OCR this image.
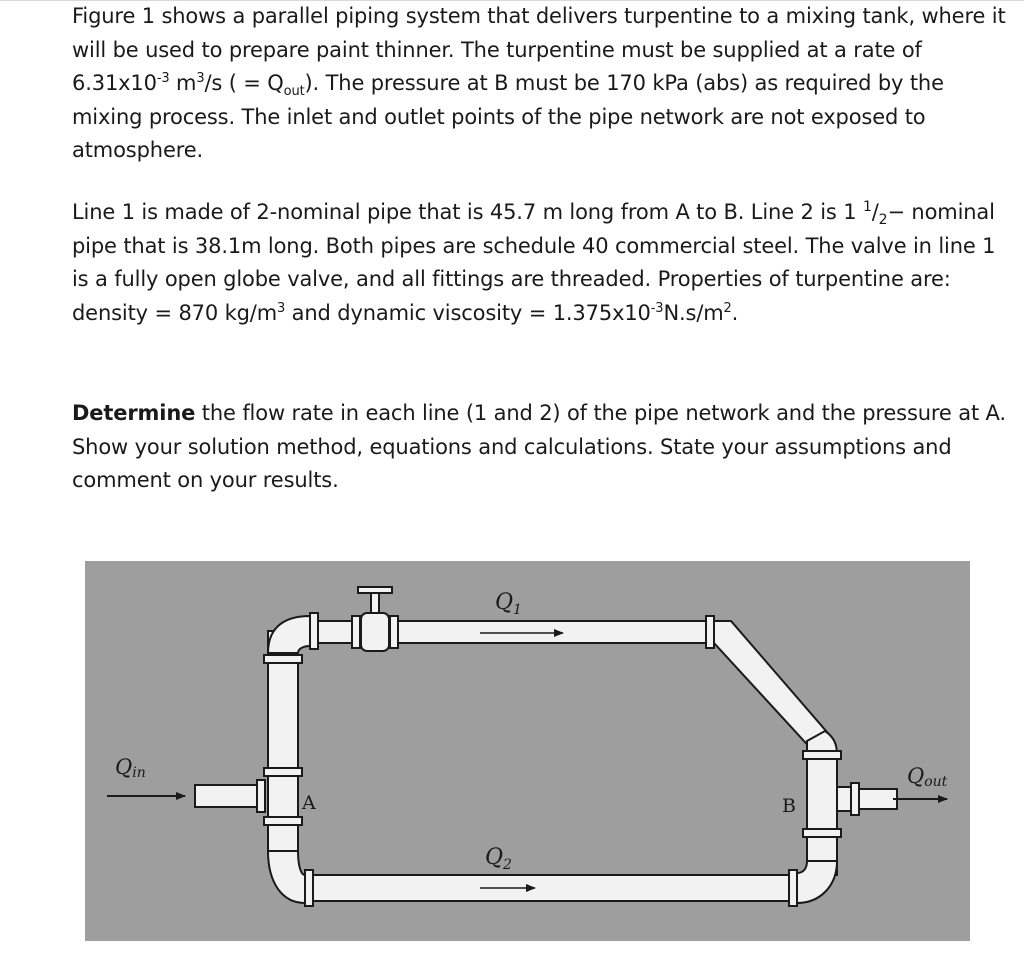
Figure 1 shows a parallel piping system that delivers turpentine to a mixing tank, where it will be used to prepare paint thinner. The turpentine must be supplied at a rate of $6.31x10^{-3}$ $m^3/s$ ( = $Q_{out}$). The pressure at B must be 170 kPa (abs) as required by the mixing process. The inlet and outlet points of the pipe network are not exposed to atmosphere.
Line 1 is made of 2-nominal pipe that is 45.7 m long from A to B. Line 2 is 1 $^1/_2-$ nominal pipe that is 38.1m long. Both pipes are schedule 40 commercial steel. The valve in line 1 is a fully open globe valve, and all fittings are threaded. Properties of turpentine are: density = 870 $kg/m^3$ and dynamic viscosity = $1.375x10^{-3}N.s/m^2$.
Determine the flow rate in each line (1 and 2) of the pipe network and the pressure at A. Show your solution method, equations and calculations. State your assumptions and comment on your results.
$Q_1$
$Q_2$
Qin	Qout
A	B
